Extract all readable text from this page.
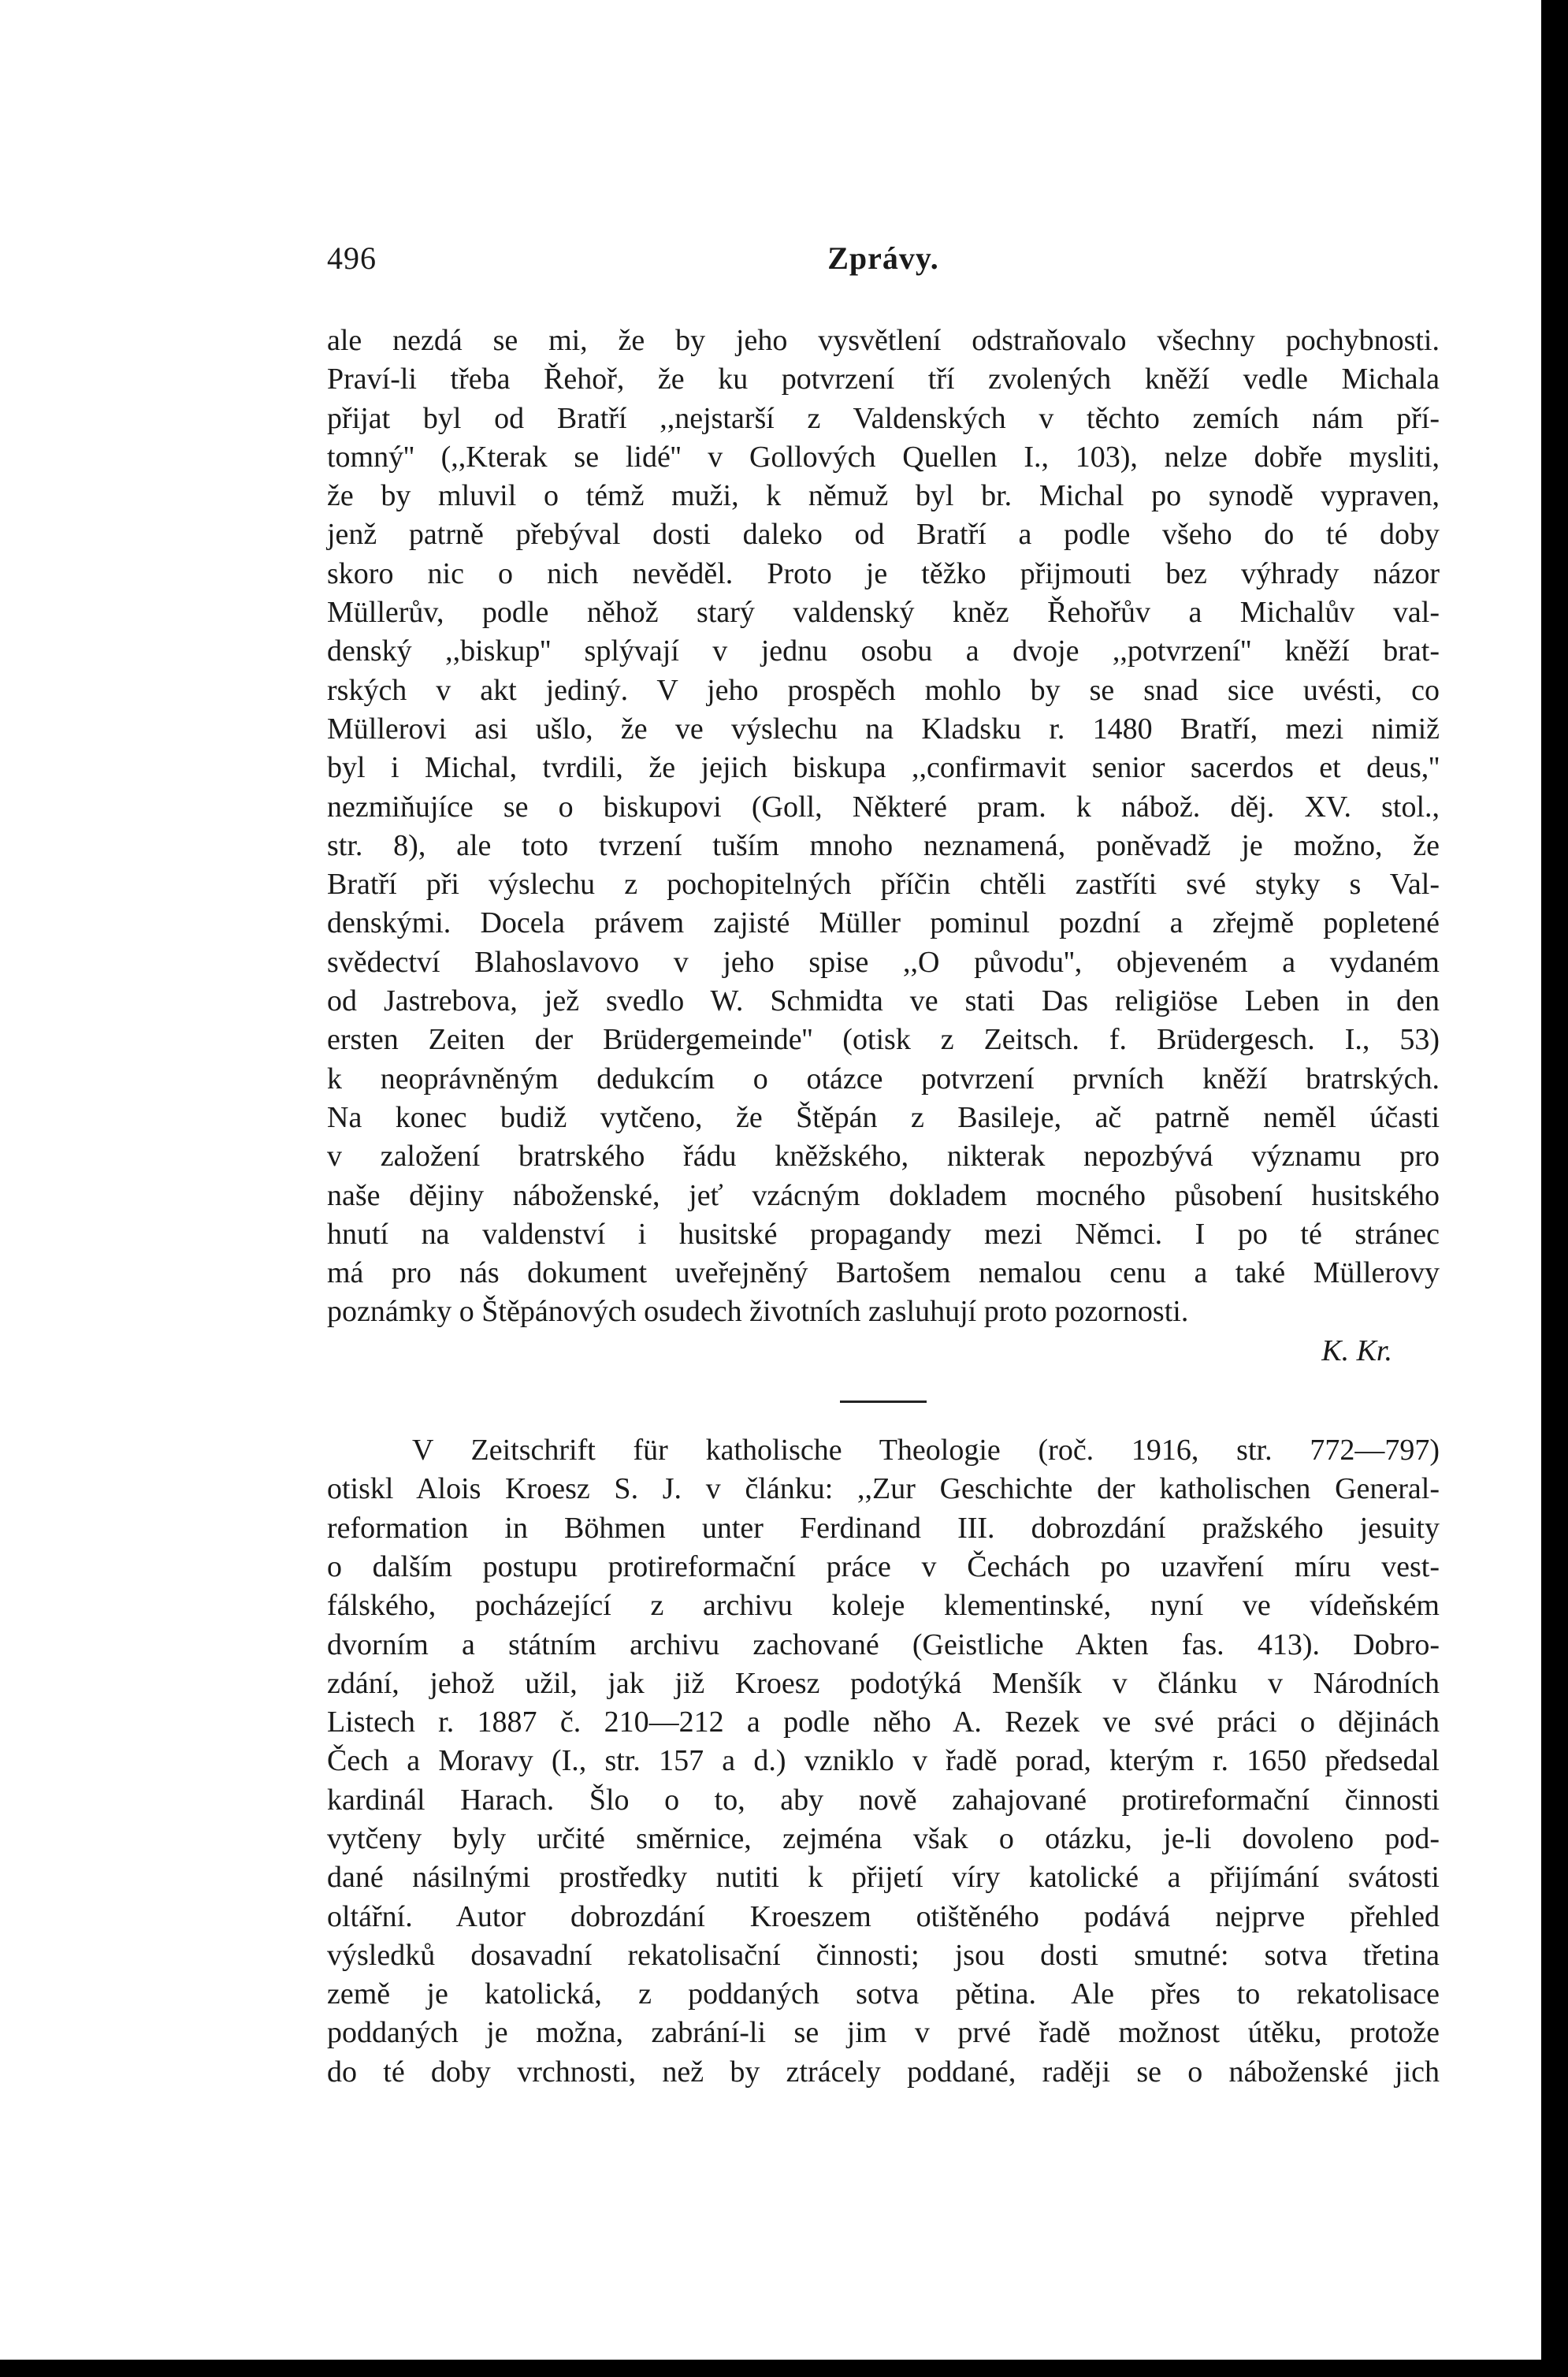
496	Zprávy.
ale nezdá se mi, že by jeho vysvětlení odstraňovalo všechny pochybnosti.
Praví-li třeba Řehoř, že ku potvrzení tří zvolených kněží vedle Michala
přijat byl od Bratří ,,nejstarší z Valdenských v těchto zemích nám pří-
tomný'' (,,Kterak se lidé'' v Gollových Quellen I., 103), nelze dobře mysliti,
že by mluvil o témž muži, k němuž byl br. Michal po synodě vypraven,
jenž patrně přebýval dosti daleko od Bratří a podle všeho do té doby
skoro nic o nich nevěděl. Proto je těžko přijmouti bez výhrady názor
Müllerův, podle něhož starý valdenský kněz Řehořův a Michalův val-
denský ,,biskup'' splývají v jednu osobu a dvoje ,,potvrzení'' kněží brat-
rských v akt jediný. V jeho prospěch mohlo by se snad sice uvésti, co
Müllerovi asi ušlo, že ve výslechu na Kladsku r. 1480 Bratří, mezi nimiž
byl i Michal, tvrdili, že jejich biskupa ,,confirmavit senior sacerdos et deus,''
nezmiňujíce se o biskupovi (Goll, Některé pram. k nábož. děj. XV. stol.,
str. 8), ale toto tvrzení tuším mnoho neznamená, poněvadž je možno, že
Bratří při výslechu z pochopitelných příčin chtěli zastříti své styky s Val-
denskými. Docela právem zajisté Müller pominul pozdní a zřejmě popletené
svědectví Blahoslavovo v jeho spise ,,O původu'', objeveném a vydaném
od Jastrebova, jež svedlo W. Schmidta ve stati Das religiöse Leben in den
ersten Zeiten der Brüdergemeinde'' (otisk z Zeitsch. f. Brüdergesch. I., 53)
k neoprávněným dedukcím o otázce potvrzení prvních kněží bratrských.
Na konec budiž vytčeno, že Štěpán z Basileje, ač patrně neměl účasti
v založení bratrského řádu kněžského, nikterak nepozbývá významu pro
naše dějiny náboženské, jeť vzácným dokladem mocného působení husitského
hnutí na valdenství i husitské propagandy mezi Němci. I po té stránec
má pro nás dokument uveřejněný Bartošem nemalou cenu a také Müllerovy
poznámky o Štěpánových osudech životních zasluhují proto pozornosti.
K. Kr.
V Zeitschrift für katholische Theologie (roč. 1916, str. 772—797)
otiskl Alois Kroesz S. J. v článku: ,,Zur Geschichte der katholischen General-
reformation in Böhmen unter Ferdinand III. dobrozdání pražského jesuity
o dalším postupu protireformační práce v Čechách po uzavření míru vest-
fálského, pocházející z archivu koleje klementinské, nyní ve vídeňském
dvorním a státním archivu zachované (Geistliche Akten fas. 413). Dobro-
zdání, jehož užil, jak již Kroesz podotýká Menšík v článku v Národních
Listech r. 1887 č. 210—212 a podle něho A. Rezek ve své práci o dějinách
Čech a Moravy (I., str. 157 a d.) vzniklo v řadě porad, kterým r. 1650 předsedal
kardinál Harach. Šlo o to, aby nově zahajované protireformační činnosti
vytčeny byly určité směrnice, zejména však o otázku, je-li dovoleno pod-
dané násilnými prostředky nutiti k přijetí víry katolické a přijímání svátosti
oltářní. Autor dobrozdání Kroeszem otištěného podává nejprve přehled
výsledků dosavadní rekatolisační činnosti; jsou dosti smutné: sotva třetina
země je katolická, z poddaných sotva pětina. Ale přes to rekatolisace
poddaných je možna, zabrání-li se jim v prvé řadě možnost útěku, protože
do té doby vrchnosti, než by ztrácely poddané, raději se o náboženské jich
